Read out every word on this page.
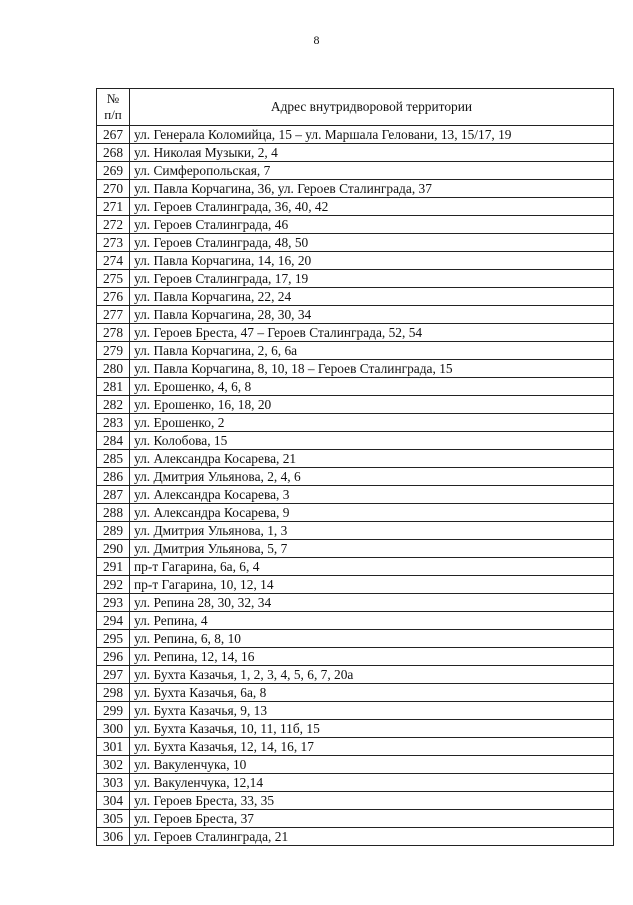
8
№
п/п	Адрес внутридворовой территории
267	ул. Генерала Коломийца, 15 – ул. Маршала Геловани, 13, 15/17, 19
268	ул. Николая Музыки, 2, 4
269	ул. Симферопольская, 7
270	ул. Павла Корчагина, 36, ул. Героев Сталинграда, 37
271	ул. Героев Сталинграда, 36, 40, 42
272	ул. Героев Сталинграда, 46
273	ул. Героев Сталинграда, 48, 50
274	ул. Павла Корчагина, 14, 16, 20
275	ул. Героев Сталинграда, 17, 19
276	ул. Павла Корчагина, 22, 24
277	ул. Павла Корчагина, 28, 30, 34
278	ул. Героев Бреста, 47 – Героев Сталинграда, 52, 54
279	ул. Павла Корчагина, 2, 6, 6а
280	ул. Павла Корчагина, 8, 10, 18 – Героев Сталинграда, 15
281	ул. Ерошенко, 4, 6, 8
282	ул. Ерошенко, 16, 18, 20
283	ул. Ерошенко, 2
284	ул. Колобова, 15
285	ул. Александра Косарева, 21
286	ул. Дмитрия Ульянова, 2, 4, 6
287	ул. Александра Косарева, 3
288	ул. Александра Косарева, 9
289	ул. Дмитрия Ульянова, 1, 3
290	ул. Дмитрия Ульянова, 5, 7
291	пр-т Гагарина, 6а, 6, 4
292	пр-т Гагарина, 10, 12, 14
293	ул. Репина 28, 30, 32, 34
294	ул. Репина, 4
295	ул. Репина, 6, 8, 10
296	ул. Репина, 12, 14, 16
297	ул. Бухта Казачья, 1, 2, 3, 4, 5, 6, 7, 20а
298	ул. Бухта Казачья, 6а, 8
299	ул. Бухта Казачья, 9, 13
300	ул. Бухта Казачья, 10, 11, 11б, 15
301	ул. Бухта Казачья, 12, 14, 16, 17
302	ул. Вакуленчука, 10
303	ул. Вакуленчука, 12,14
304	ул. Героев Бреста, 33, 35
305	ул. Героев Бреста, 37
306	ул. Героев Сталинграда, 21
